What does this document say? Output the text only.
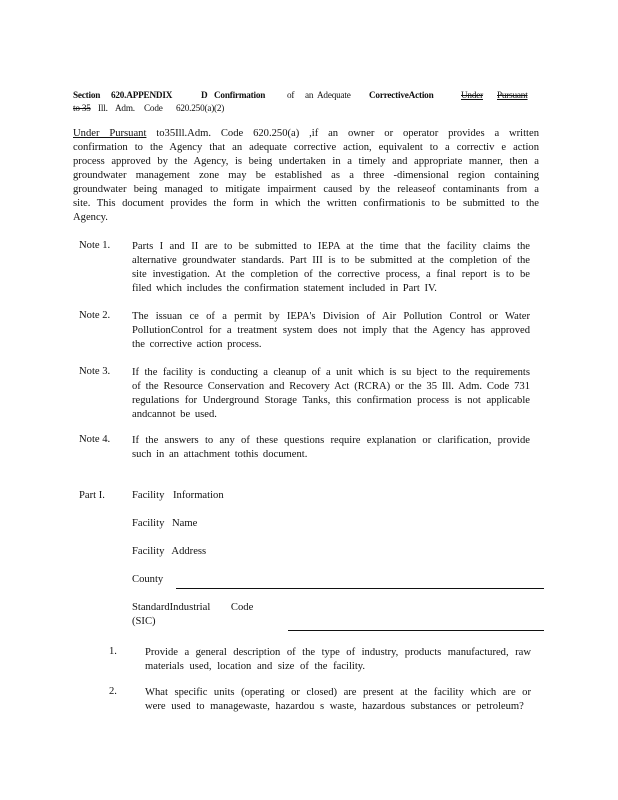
Section 620.APPENDIX	D Confirmation of an Adequate CorrectiveAction	Under Pursuant
to 35 Ill. Adm. Code 620.250(a)(2)
Under Pursuant to35Ill.Adm. Code 620.250(a) ,if an owner or operator provides a written confirmation to the Agency that an adequate corrective action, equivalent to a correctiv e action process approved by the Agency, is being undertaken in a timely and appropriate manner, then a groundwater management zone may be established as a three -dimensional region containing groundwater being managed to mitigate impairment caused by the releaseof contaminants from a site. This document provides the form in which the written confirmationis to be submitted to the Agency.
Note 1. Parts I and II are to be submitted to IEPA at the time that the facility claims the alternative groundwater standards. Part III is to be submitted at the completion of the site investigation. At the completion of the corrective process, a final report is to be filed which includes the confirmation statement included in Part IV.
Note 2. The issuan ce of a permit by IEPA's Division of Air Pollution Control or Water PollutionControl for a treatment system does not imply that the Agency has approved the corrective action process.
Note 3. If the facility is conducting a cleanup of a unit which is su bject to the requirements of the Resource Conservation and Recovery Act (RCRA) or the 35 Ill. Adm. Code 731 regulations for Underground Storage Tanks, this confirmation process is not applicable andcannot be used.
Note 4. If the answers to any of these questions require explanation or clarification, provide such in an attachment tothis document.
Part I.	Facility Information
Facility Name
Facility Address
County
StandardIndustrial Code
(SIC)
1.	Provide a general description of the type of industry, products manufactured, raw materials used, location and size of the facility.
2.	What specific units (operating or closed) are present at the facility which are or were used to managewaste, hazardou s waste, hazardous substances or petroleum?
